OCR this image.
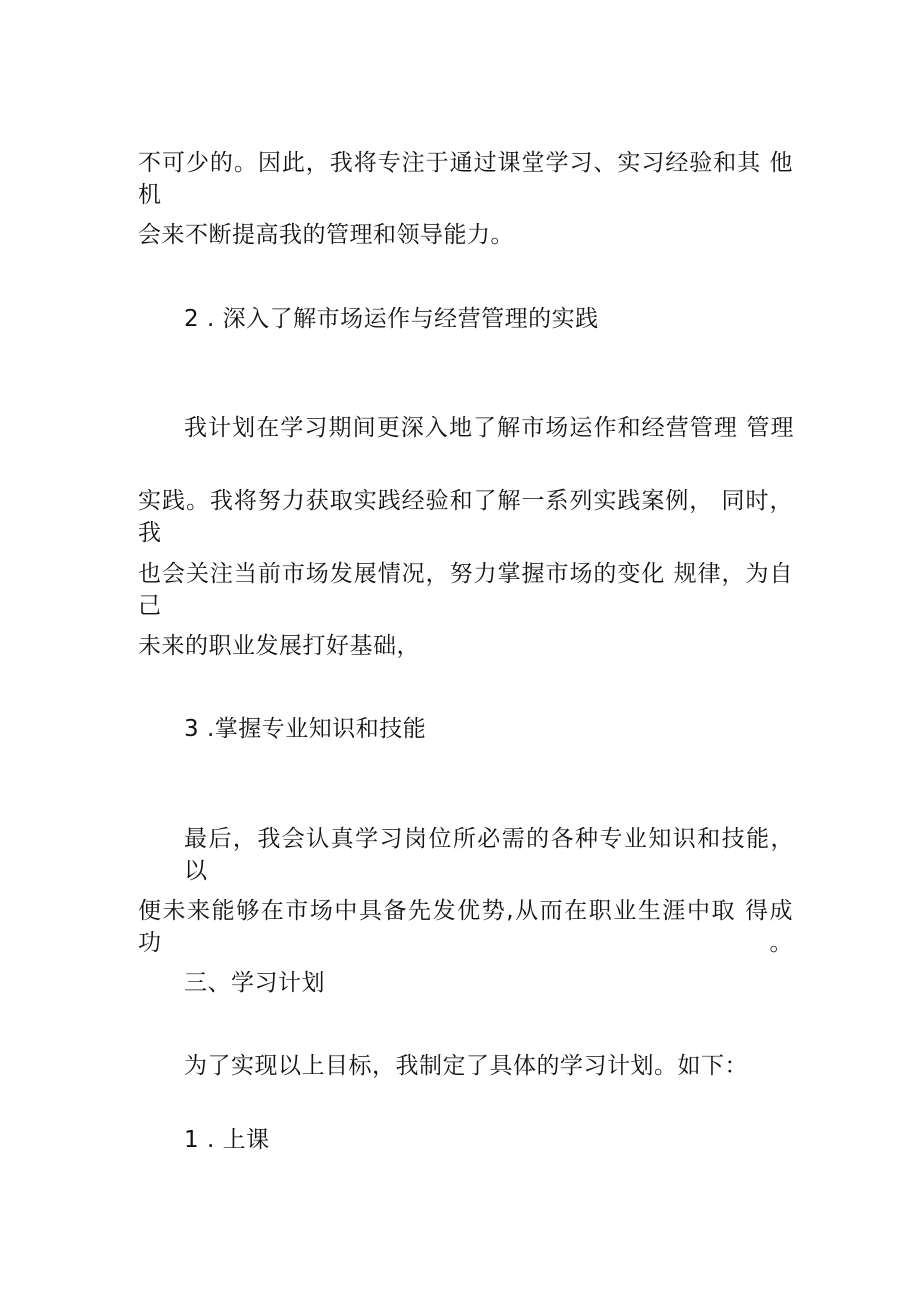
不可少的。因此，我将专注于通过课堂学习、实习经验和其 他机
会来不断提高我的管理和领导能力。
2 . 深入了解市场运作与经营管理的实践
我计划在学习期间更深入地了解市场运作和经营管理 管理
实践。我将努力获取实践经验和了解一系列实践案例， 同时，我
也会关注当前市场发展情况，努力掌握市场的变化 规律，为自己
未来的职业发展打好基础，
3 .掌握专业知识和技能
最后，我会认真学习岗位所必需的各种专业知识和技能， 以
便未来能够在市场中具备先发优势,从而在职业生涯中取 得成功。
三、学习计划
为了实现以上目标，我制定了具体的学习计划。如下：
1 . 上课
